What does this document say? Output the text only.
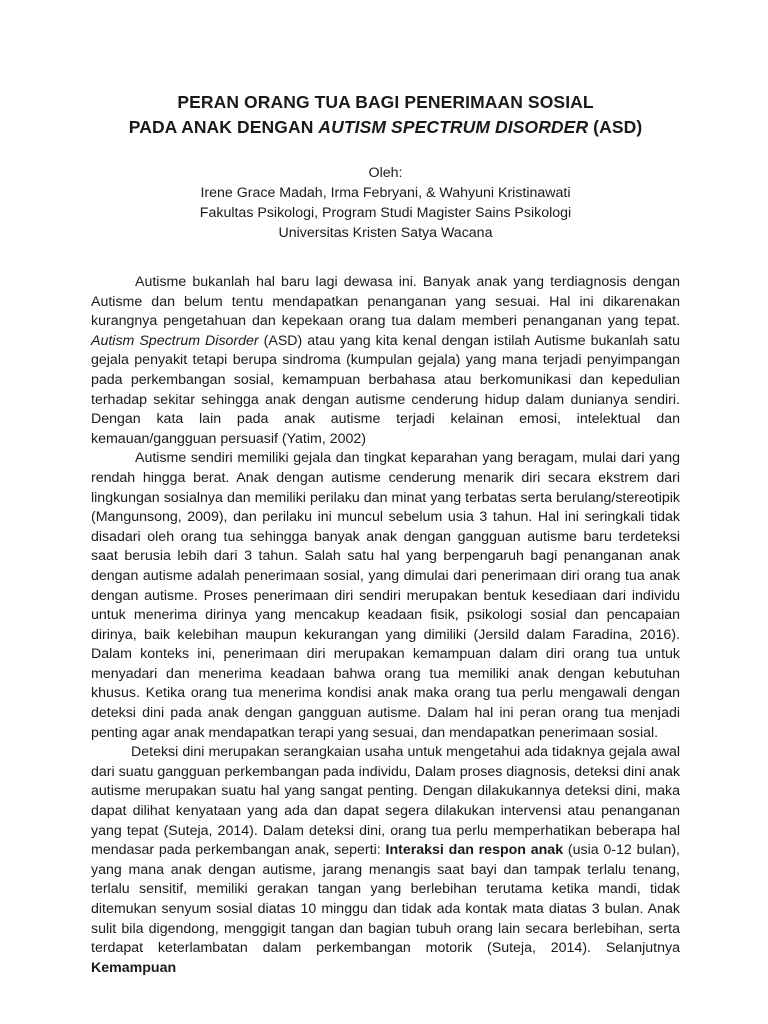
PERAN ORANG TUA BAGI PENERIMAAN SOSIAL
PADA ANAK DENGAN AUTISM SPECTRUM DISORDER (ASD)
Oleh:
Irene Grace Madah, Irma Febryani, & Wahyuni Kristinawati
Fakultas Psikologi, Program Studi Magister Sains Psikologi
Universitas Kristen Satya Wacana

Autisme bukanlah hal baru lagi dewasa ini. Banyak anak yang terdiagnosis dengan Autisme dan belum tentu mendapatkan penanganan yang sesuai. Hal ini dikarenakan kurangnya pengetahuan dan kepekaan orang tua dalam memberi penanganan yang tepat. Autism Spectrum Disorder (ASD) atau yang kita kenal dengan istilah Autisme bukanlah satu gejala penyakit tetapi berupa sindroma (kumpulan gejala) yang mana terjadi penyimpangan pada perkembangan sosial, kemampuan berbahasa atau berkomunikasi dan kepedulian terhadap sekitar sehingga anak dengan autisme cenderung hidup dalam dunianya sendiri. Dengan kata lain pada anak autisme terjadi kelainan emosi, intelektual dan kemauan/gangguan persuasif (Yatim, 2002)

Autisme sendiri memiliki gejala dan tingkat keparahan yang beragam, mulai dari yang rendah hingga berat. Anak dengan autisme cenderung menarik diri secara ekstrem dari lingkungan sosialnya dan memiliki perilaku dan minat yang terbatas serta berulang/stereotipik (Mangunsong, 2009), dan perilaku ini muncul sebelum usia 3 tahun. Hal ini seringkali tidak disadari oleh orang tua sehingga banyak anak dengan gangguan autisme baru terdeteksi saat berusia lebih dari 3 tahun. Salah satu hal yang berpengaruh bagi penanganan anak dengan autisme adalah penerimaan sosial, yang dimulai dari penerimaan diri orang tua anak dengan autisme. Proses penerimaan diri sendiri merupakan bentuk kesediaan dari individu untuk menerima dirinya yang mencakup keadaan fisik, psikologi sosial dan pencapaian dirinya, baik kelebihan maupun kekurangan yang dimiliki (Jersild dalam Faradina, 2016). Dalam konteks ini, penerimaan diri merupakan kemampuan dalam diri orang tua untuk menyadari dan menerima keadaan bahwa orang tua memiliki anak dengan kebutuhan khusus. Ketika orang tua menerima kondisi anak maka orang tua perlu mengawali dengan deteksi dini pada anak dengan gangguan autisme. Dalam hal ini peran orang tua menjadi penting agar anak mendapatkan terapi yang sesuai, dan mendapatkan penerimaan sosial.

Deteksi dini merupakan serangkaian usaha untuk mengetahui ada tidaknya gejala awal dari suatu gangguan perkembangan pada individu, Dalam proses diagnosis, deteksi dini anak autisme merupakan suatu hal yang sangat penting. Dengan dilakukannya deteksi dini, maka dapat dilihat kenyataan yang ada dan dapat segera dilakukan intervensi atau penanganan yang tepat (Suteja, 2014). Dalam deteksi dini, orang tua perlu memperhatikan beberapa hal mendasar pada perkembangan anak, seperti: Interaksi dan respon anak (usia 0-12 bulan), yang mana anak dengan autisme, jarang menangis saat bayi dan tampak terlalu tenang, terlalu sensitif, memiliki gerakan tangan yang berlebihan terutama ketika mandi, tidak ditemukan senyum sosial diatas 10 minggu dan tidak ada kontak mata diatas 3 bulan. Anak sulit bila digendong, menggigit tangan dan bagian tubuh orang lain secara berlebihan, serta terdapat keterlambatan dalam perkembangan motorik (Suteja, 2014). Selanjutnya Kemampuan
